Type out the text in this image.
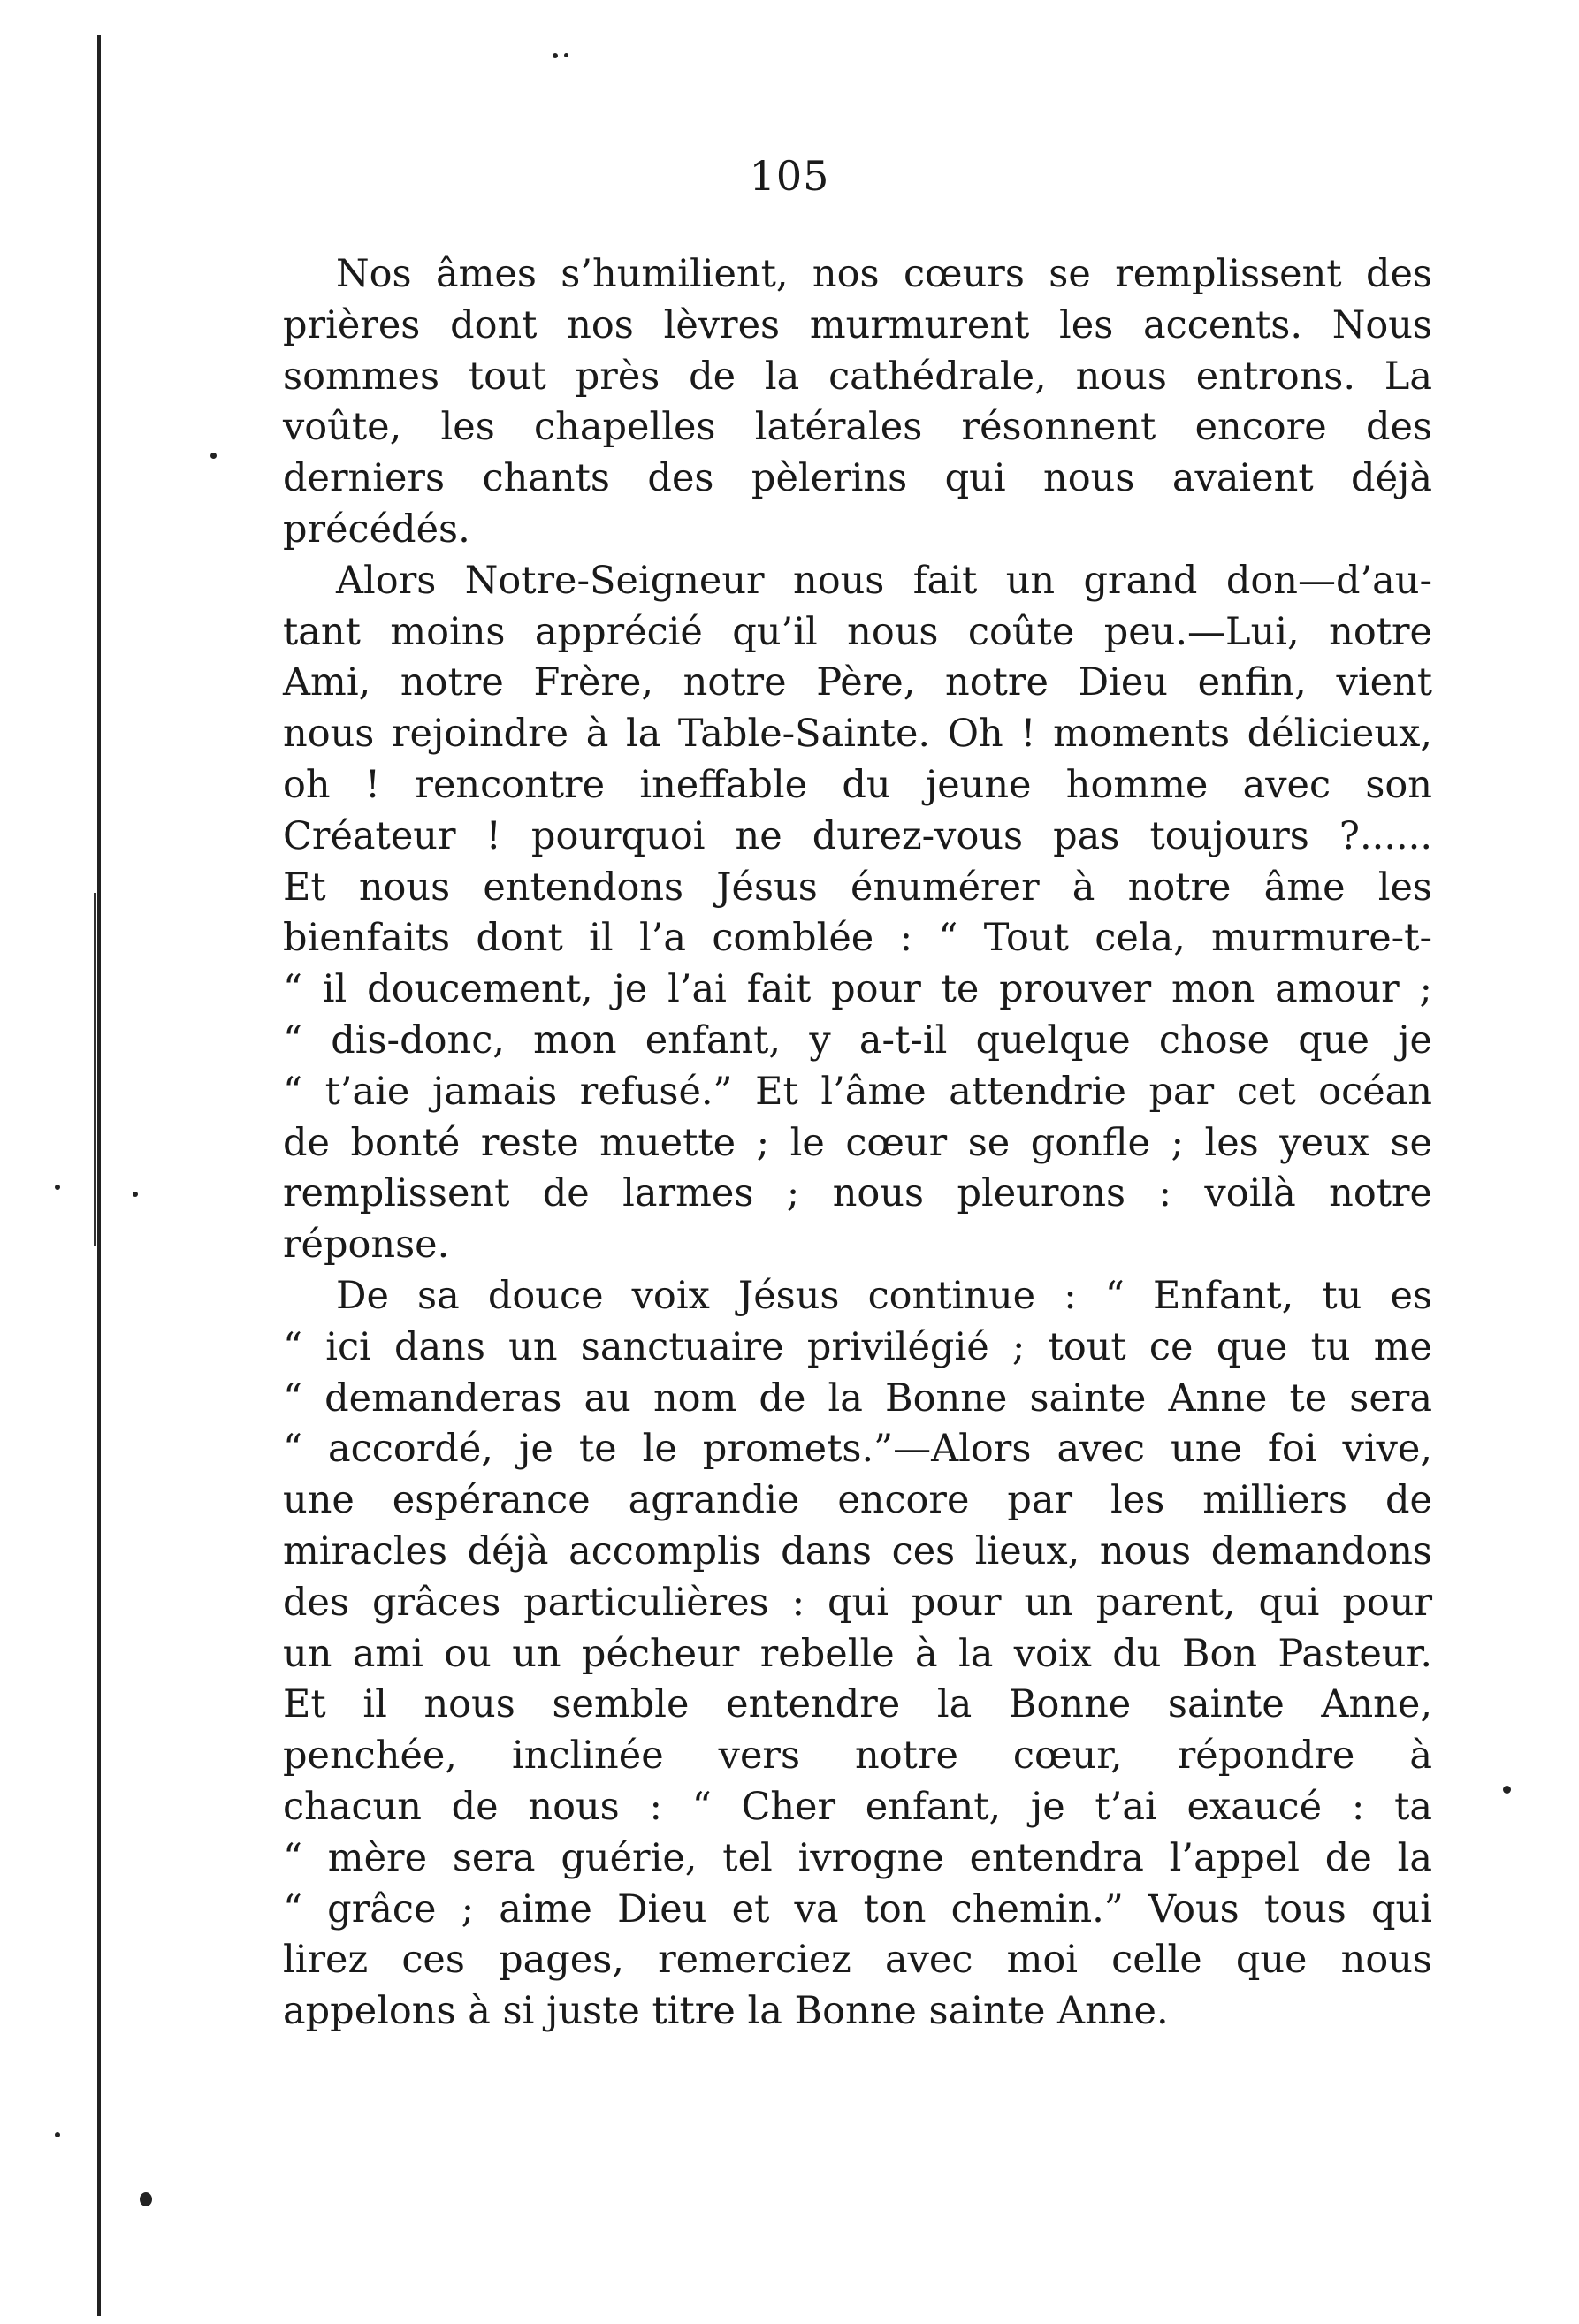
105
Nos âmes s’humilient, nos cœurs se remplissent des
prières dont nos lèvres murmurent les accents. Nous
sommes tout près de la cathédrale, nous entrons. La
voûte, les chapelles latérales résonnent encore des
derniers chants des pèlerins qui nous avaient déjà
précédés.
Alors Notre-Seigneur nous fait un grand don—d’au-
tant moins apprécié qu’il nous coûte peu.—Lui, notre
Ami, notre Frère, notre Père, notre Dieu enfin, vient
nous rejoindre à la Table-Sainte. Oh ! moments délicieux,
oh ! rencontre ineffable du jeune homme avec son
Créateur ! pourquoi ne durez-vous pas toujours ?......
Et nous entendons Jésus énumérer à notre âme les
bienfaits dont il l’a comblée : “ Tout cela, murmure-t-
“ il doucement, je l’ai fait pour te prouver mon amour ;
“ dis-donc, mon enfant, y a-t-il quelque chose que je
“ t’aie jamais refusé.” Et l’âme attendrie par cet océan
de bonté reste muette ; le cœur se gonfle ; les yeux se
remplissent de larmes ; nous pleurons : voilà notre
réponse.
De sa douce voix Jésus continue : “ Enfant, tu es
“ ici dans un sanctuaire privilégié ; tout ce que tu me
“ demanderas au nom de la Bonne sainte Anne te sera
“ accordé, je te le promets.”—Alors avec une foi vive,
une espérance agrandie encore par les milliers de
miracles déjà accomplis dans ces lieux, nous demandons
des grâces particulières : qui pour un parent, qui pour
un ami ou un pécheur rebelle à la voix du Bon Pasteur.
Et il nous semble entendre la Bonne sainte Anne,
penchée, inclinée vers notre cœur, répondre à
chacun de nous : “ Cher enfant, je t’ai exaucé : ta
“ mère sera guérie, tel ivrogne entendra l’appel de la
“ grâce ; aime Dieu et va ton chemin.” Vous tous qui
lirez ces pages, remerciez avec moi celle que nous
appelons à si juste titre la Bonne sainte Anne.
